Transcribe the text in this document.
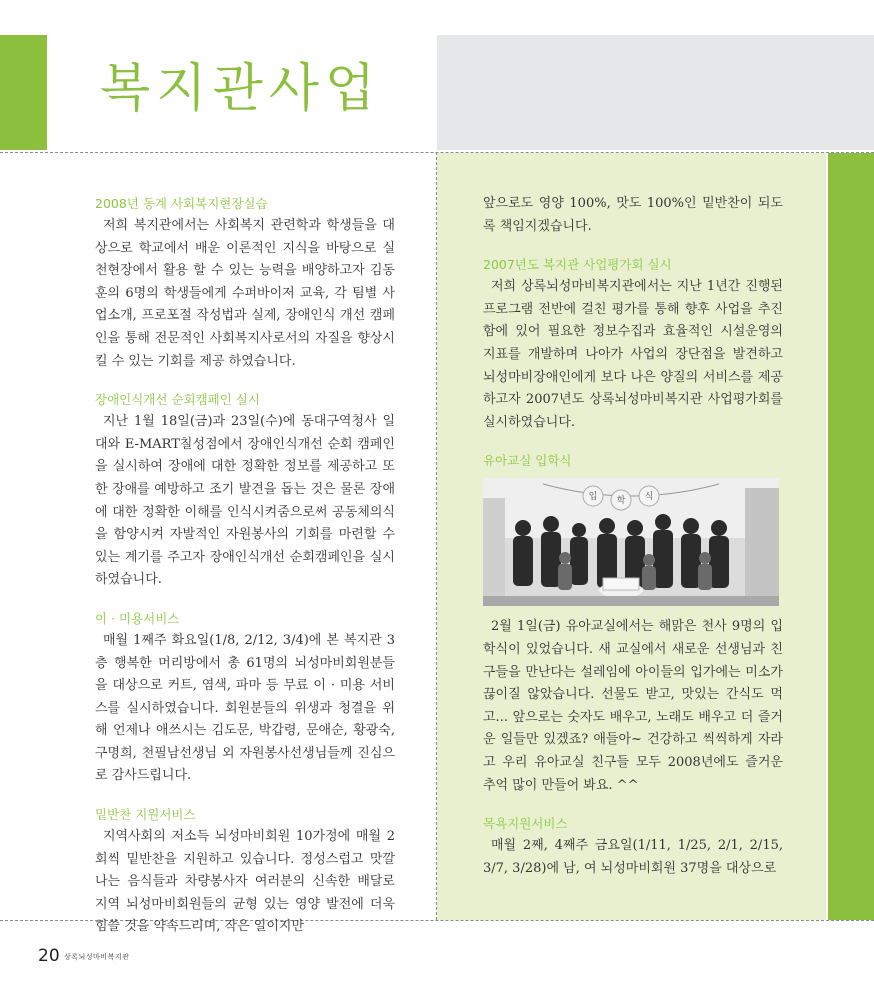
복지관사업
2008년 동계 사회복지현장실습

저희 복지관에서는 사회복지 관련학과 학생들을 대상으로 학교에서 배운 이론적인 지식을 바탕으로 실천현장에서 활용 할 수 있는 능력을 배양하고자 김동훈의 6명의 학생들에게 수퍼바이저 교육, 각 팀별 사업소개, 프로포절 작성법과 실제, 장애인식 개선 캠페인을 통해 전문적인 사회복지사로서의 자질을 향상시킬 수 있는 기회를 제공 하였습니다.

장애인식개선 순회캠페인 실시

지난 1월 18일(금)과 23일(수)에 동대구역청사 일대와 E-MART칠성점에서 장애인식개선 순회 캠페인을 실시하여 장애에 대한 정확한 정보를 제공하고 또한 장애를 예방하고 조기 발견을 돕는 것은 물론 장애에 대한 정확한 이해를 인식시켜줌으로써 공동체의식을 함양시켜 자발적인 자원봉사의 기회를 마련할 수 있는 계기를 주고자 장애인식개선 순회캠페인을 실시하였습니다.

이 · 미용서비스

매월 1째주 화요일(1/8, 2/12, 3/4)에 본 복지관 3층 행복한 머리방에서 총 61명의 뇌성마비회원분들을 대상으로 커트, 염색, 파마 등 무료 이 · 미용 서비스를 실시하였습니다. 회원분들의 위생과 청결을 위해 언제나 애쓰시는 김도문, 박갑령, 문애순, 황광숙, 구명희, 천필남선생님 외 자원봉사선생님들께 진심으로 감사드립니다.

밑반찬 지원서비스

지역사회의 저소득 뇌성마비회원 10가정에 매월 2회씩 밑반찬을 지원하고 있습니다. 정성스럽고 맛깔 나는 음식들과 차량봉사자 여러분의 신속한 배달로 지역 뇌성마비회원들의 균형 있는 영양 발전에 더욱 힘쓸 것을 약속드리며, 작은 일이지만

앞으로도 영양 100%, 맛도 100%인 밑반찬이 되도록 책임지겠습니다.

2007년도 복지관 사업평가회 실시

저희 상록뇌성마비복지관에서는 지난 1년간 진행된 프로그램 전반에 걸친 평가를 통해 향후 사업을 추진함에 있어 필요한 정보수집과 효율적인 시설운영의 지표를 개발하며 나아가 사업의 장단점을 발견하고 뇌성마비장애인에게 보다 나은 양질의 서비스를 제공하고자 2007년도 상록뇌성마비복지관 사업평가회를 실시하였습니다.

유아교실 입학식
입 학 식

2월 1일(금) 유아교실에서는 해맑은 천사 9명의 입학식이 있었습니다. 새 교실에서 새로운 선생님과 친구들을 만난다는 설레임에 아이들의 입가에는 미소가 끊이질 않았습니다. 선물도 받고, 맛있는 간식도 먹고... 앞으로는 숫자도 배우고, 노래도 배우고 더 즐거운 일들만 있겠죠? 애들아~ 건강하고 씩씩하게 자라고 우리 유아교실 친구들 모두 2008년에도 즐거운 추억 많이 만들어 봐요. ^^

목욕지원서비스

매월 2째, 4째주 금요일(1/11, 1/25, 2/1, 2/15, 3/7, 3/28)에 남, 여 뇌성마비회원 37명을 대상으로

20 상록뇌성마비복지관
